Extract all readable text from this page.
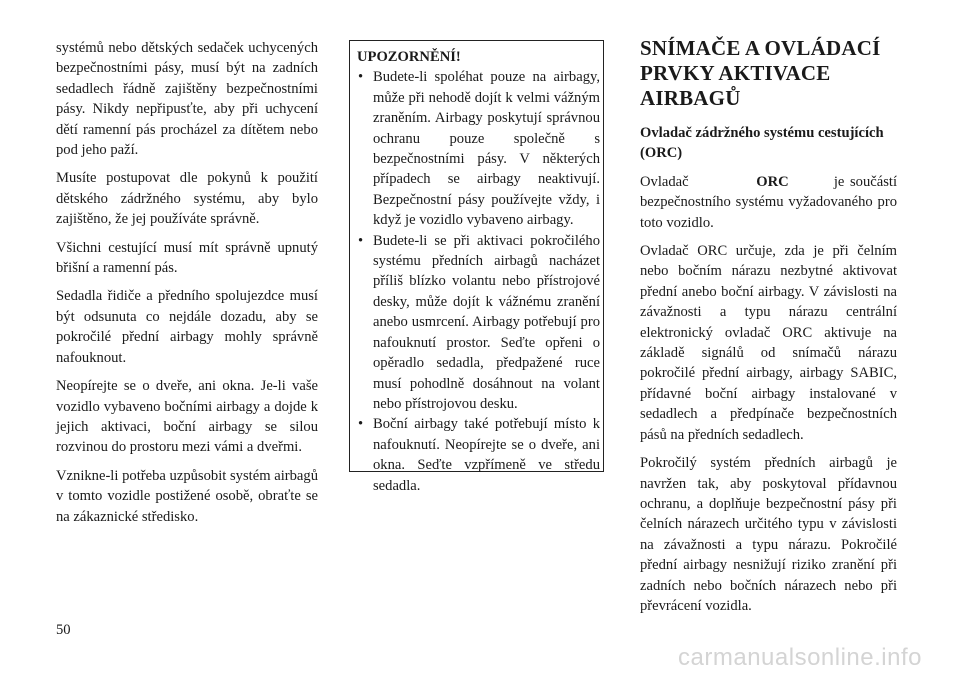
systémů nebo dětských sedaček uchycených bezpečnostními pásy, musí být na zadních sedadlech řádně zajištěny bezpečnostními pásy. Nikdy nepřipusťte, aby při uchycení dětí ramenní pás procházel za dítětem nebo pod jeho paží.

Musíte postupovat dle pokynů k použití dětského zádržného systému, aby bylo zajištěno, že jej používáte správně.

Všichni cestující musí mít správně upnutý břišní a ramenní pás.

Sedadla řidiče a předního spolujezdce musí být odsunuta co nejdále dozadu, aby se pokročilé přední airbagy mohly správně nafouknout.

Neopírejte se o dveře, ani okna. Je-li vaše vozidlo vybaveno bočními airbagy a dojde k jejich aktivaci, boční airbagy se silou rozvinou do prostoru mezi vámi a dveřmi.

Vznikne-li potřeba uzpůsobit systém airbagů v tomto vozidle postižené osobě, obraťte se na zákaznické středisko.

UPOZORNĚNÍ!

• Budete-li spoléhat pouze na airbagy, může při nehodě dojít k velmi vážným zraněním. Airbagy poskytují správnou ochranu pouze společně s bezpečnostními pásy. V některých případech se airbagy neaktivují. Bezpečnostní pásy používejte vždy, i když je vozidlo vybaveno airbagy.
• Budete-li se při aktivaci pokročilého systému předních airbagů nacházet příliš blízko volantu nebo přístrojové desky, může dojít k vážnému zranění anebo usmrcení. Airbagy potřebují pro nafouknutí prostor. Seďte opřeni o opěradlo sedadla, předpažené ruce musí pohodlně dosáhnout na volant nebo přístrojovou desku.
• Boční airbagy také potřebují místo k nafouknutí. Neopírejte se o dveře, ani okna. Seďte vzpřímeně ve středu sedadla.
SNÍMAČE A OVLÁDACÍ PRVKY AKTIVACE AIRBAGŮ

Ovladač zádržného systému cestujících (ORC)

Ovladač	ORC	je součástí bezpečnostního systému vyžadovaného pro toto vozidlo.

Ovladač ORC určuje, zda je při čelním nebo bočním nárazu nezbytné aktivovat přední anebo boční airbagy. V závislosti na závažnosti a typu nárazu centrální elektronický ovladač ORC aktivuje na základě signálů od snímačů nárazu pokročilé přední airbagy, airbagy SABIC, přídavné boční airbagy instalované v sedadlech a předpínače bezpečnostních pásů na předních sedadlech.

Pokročilý systém předních airbagů je navržen tak, aby poskytoval přídavnou ochranu, a doplňuje bezpečnostní pásy při čelních nárazech určitého typu v závislosti na závažnosti a typu nárazu. Pokročilé přední airbagy nesnižují riziko zranění při zadních nebo bočních nárazech nebo při převrácení vozidla.

50
carmanualsonline.info
